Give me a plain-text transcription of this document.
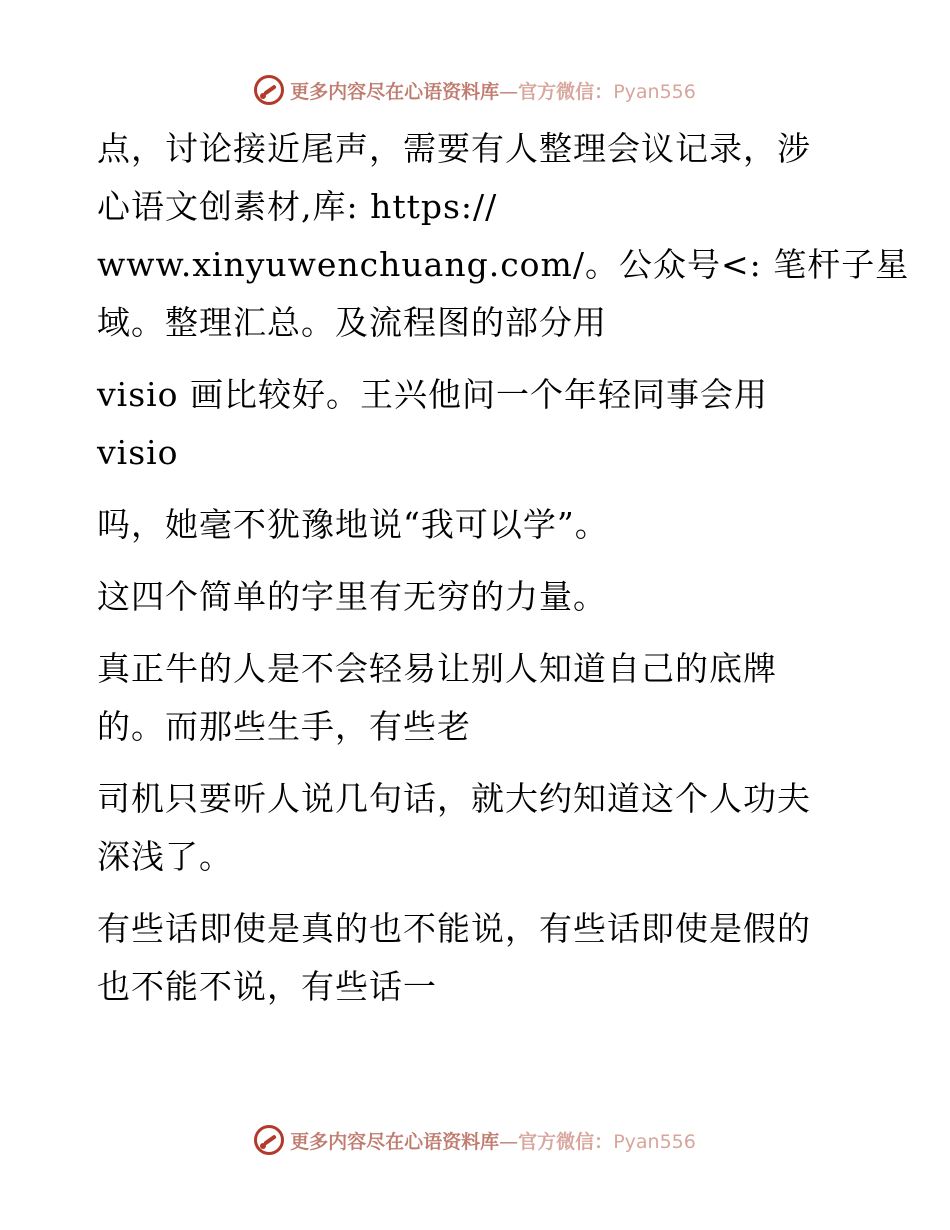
更多内容尽在心语资料库—官方微信：Pyan556
点，讨论接近尾声，需要有人整理会议记录，涉
心语文创素材,库: https://
www.xinyuwenchuang.com/。公众号<: 笔杆子星
域。整理汇总。及流程图的部分用
visio 画比较好。王兴他问一个年轻同事会用
visio
吗，她毫不犹豫地说“我可以学”。
这四个简单的字里有无穷的力量。
真正牛的人是不会轻易让别人知道自己的底牌
的。而那些生手，有些老
司机只要听人说几句话，就大约知道这个人功夫
深浅了。
有些话即使是真的也不能说，有些话即使是假的
也不能不说，有些话一
更多内容尽在心语资料库—官方微信：Pyan556
